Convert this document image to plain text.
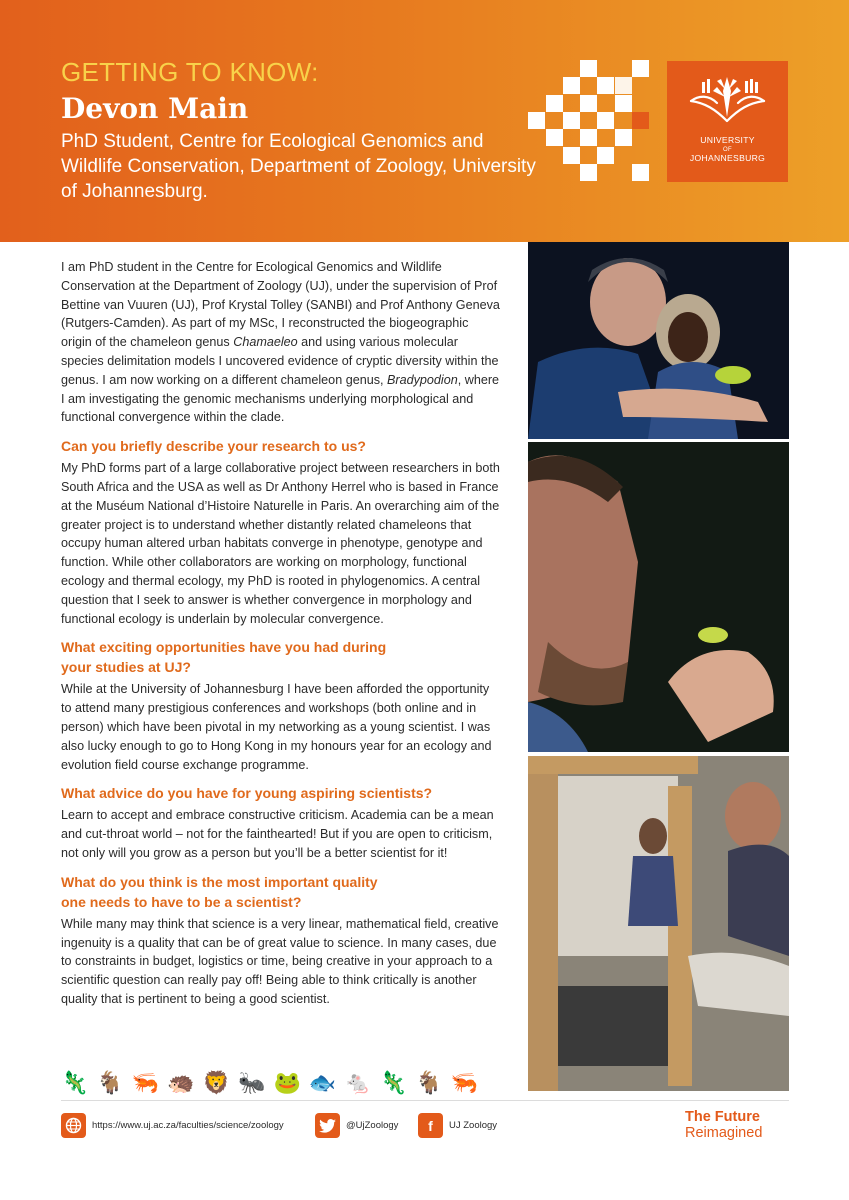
GETTING TO KNOW:
Devon Main
PhD Student, Centre for Ecological Genomics and Wildlife Conservation, Department of Zoology, University of Johannesburg.
UNIVERSITY
OF
JOHANNESBURG

I am PhD student in the Centre for Ecological Genomics and Wildlife Conservation at the Department of Zoology (UJ), under the supervision of Prof Bettine van Vuuren (UJ), Prof Krystal Tolley (SANBI) and Prof Anthony Geneva (Rutgers-Camden). As part of my MSc, I reconstructed the biogeographic origin of the chameleon genus Chamaeleo and using various molecular species delimitation models I uncovered evidence of cryptic diversity within the genus. I am now working on a different chameleon genus, Bradypodion, where I am investigating the genomic mechanisms underlying morphological and functional convergence within the clade.

Can you briefly describe your research to us?

My PhD forms part of a large collaborative project between researchers in both South Africa and the USA as well as Dr Anthony Herrel who is based in France at the Muséum National d’Histoire Naturelle in Paris. An overarching aim of the greater project is to understand whether distantly related chameleons that occupy human altered urban habitats converge in phenotype, genotype and function. While other collaborators are working on morphology, functional ecology and thermal ecology, my PhD is rooted in phylogenomics. A central question that I seek to answer is whether convergence in morphology and functional ecology is underlain by molecular convergence.

What exciting opportunities have you had during your studies at UJ?

While at the University of Johannesburg I have been afforded the opportunity to attend many prestigious conferences and workshops (both online and in person) which have been pivotal in my networking as a young scientist. I was also lucky enough to go to Hong Kong in my honours year for an ecology and evolution field course exchange programme.

What advice do you have for young aspiring scientists?

Learn to accept and embrace constructive criticism. Academia can be a mean and cut-throat world – not for the fainthearted! But if you are open to criticism, not only will you grow as a person but you’ll be a better scientist for it!

What do you think is the most important quality one needs to have to be a scientist?

While many may think that science is a very linear, mathematical field, creative ingenuity is a quality that can be of great value to science. In many cases, due to constraints in budget, logistics or time, being creative in your approach to a scientific question can really pay off! Being able to think critically is another quality that is pertinent to being a good scientist.

🦎 🐐 🦐 🦔 🦁 🐜 🐸 🐟 🐁 🦎 🐐 🦐
https://www.uj.ac.za/faculties/science/zoology	@UjZoology	f	UJ Zoology
The Future
Reimagined
